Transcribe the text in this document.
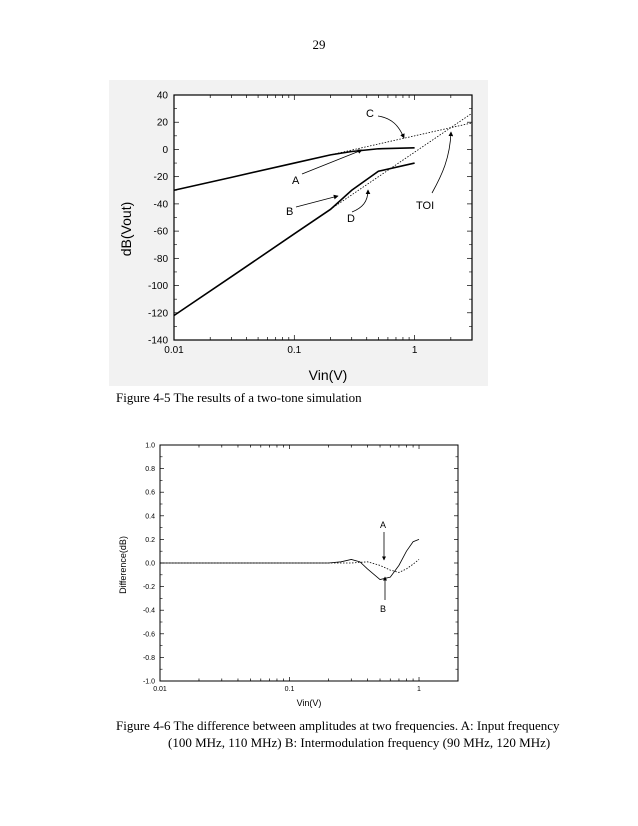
29
0.01	0.1	1
40
20
0
-20
-40
-60
-80
-100
-120
-140
A
B
C
D
TOI
Vin(V)
dB(Vout)
0.01	0.1	1
1.0
0.8
0.6
0.4
0.2
0.0
-0.2
-0.4
-0.6
-0.8
-1.0
A
B
Vin(V)
Difference(dB)
Figure 4-5 The results of a two-tone simulation
Figure 4-6 The difference between amplitudes at two frequencies. A: Input frequency
(100 MHz, 110 MHz) B: Intermodulation frequency (90 MHz, 120 MHz)
